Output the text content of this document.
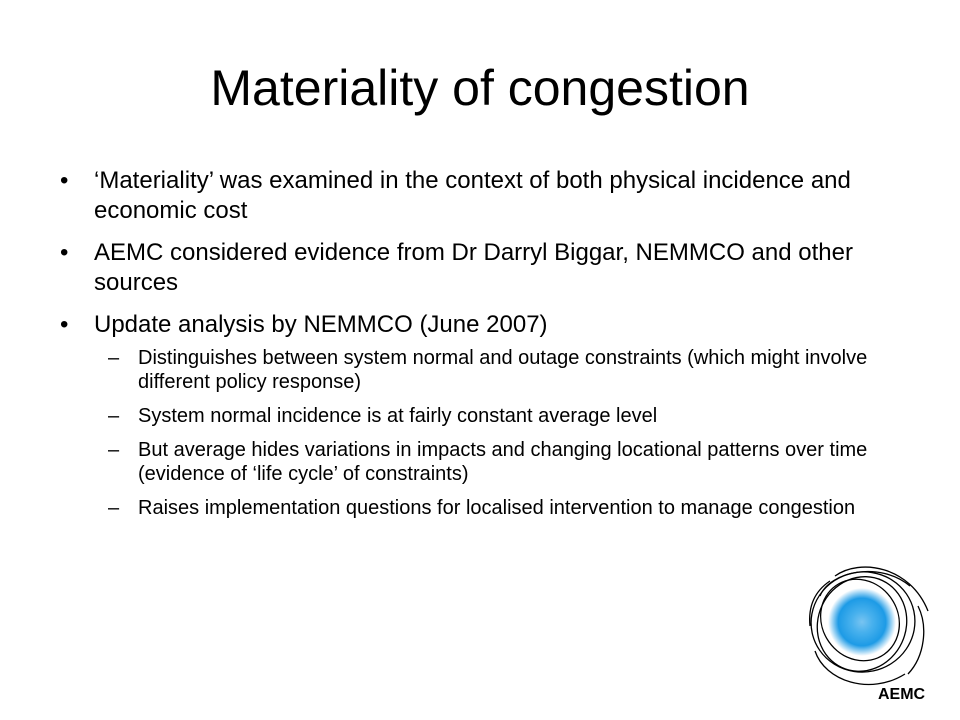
Materiality of congestion
•	‘Materiality’ was examined in the context of both physical incidence and economic cost
•	AEMC considered evidence from Dr Darryl Biggar, NEMMCO and other sources
•	Update analysis by NEMMCO (June 2007)
– Distinguishes between system normal and outage constraints (which might involve different policy response)
– System normal incidence is at fairly constant average level
– But average hides variations in impacts and changing locational patterns over time (evidence of ‘life cycle’ of constraints)
– Raises implementation questions for localised intervention to manage congestion
AEMC
